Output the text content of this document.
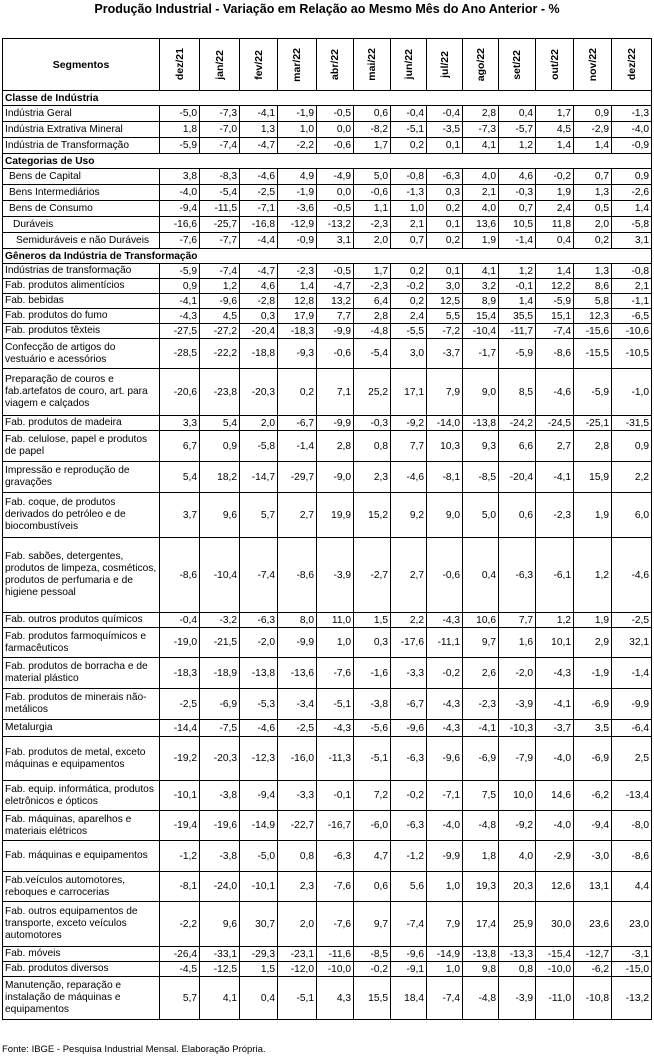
Produção Industrial - Variação em Relação ao Mesmo Mês do Ano Anterior - %
Segmentos	dez/21	jan/22	fev/22	mar/22	abr/22	mai/22	jun/22	jul/22	ago/22	set/22	out/22	nov/22	dez/22

Classe de Indústria													
Indústria Geral	-5,0	-7,3	-4,1	-1,9	-0,5	0,6	-0,4	-0,4	2,8	0,4	1,7	0,9	-1,3
Indústria Extrativa Mineral	1,8	-7,0	1,3	1,0	0,0	-8,2	-5,1	-3,5	-7,3	-5,7	4,5	-2,9	-4,0
Indústria de Transformação	-5,9	-7,4	-4,7	-2,2	-0,6	1,7	0,2	0,1	4,1	1,2	1,4	1,4	-0,9
Categorias de Uso													
Bens de Capital	3,8	-8,3	-4,6	4,9	-4,9	5,0	-0,8	-6,3	4,0	4,6	-0,2	0,7	0,9
Bens Intermediários	-4,0	-5,4	-2,5	-1,9	0,0	-0,6	-1,3	0,3	2,1	-0,3	1,9	1,3	-2,6
Bens de Consumo	-9,4	-11,5	-7,1	-3,6	-0,5	1,1	1,0	0,2	4,0	0,7	2,4	0,5	1,4
Duráveis	-16,6	-25,7	-16,8	-12,9	-13,2	-2,3	2,1	0,1	13,6	10,5	11,8	2,0	-5,8
Semiduráveis e não Duráveis	-7,6	-7,7	-4,4	-0,9	3,1	2,0	0,7	0,2	1,9	-1,4	0,4	0,2	3,1
Gêneros da Indústria de Transformação													
Indústrias de transformação	-5,9	-7,4	-4,7	-2,3	-0,5	1,7	0,2	0,1	4,1	1,2	1,4	1,3	-0,8
Fab. produtos alimentícios	0,9	1,2	4,6	1,4	-4,7	-2,3	-0,2	3,0	3,2	-0,1	12,2	8,6	2,1
Fab. bebidas	-4,1	-9,6	-2,8	12,8	13,2	6,4	0,2	12,5	8,9	1,4	-5,9	5,8	-1,1
Fab. produtos do fumo	-4,3	4,5	0,3	17,9	7,7	2,8	2,4	5,5	15,4	35,5	15,1	12,3	-6,5
Fab. produtos têxteis	-27,5	-27,2	-20,4	-18,3	-9,9	-4,8	-5,5	-7,2	-10,4	-11,7	-7,4	-15,6	-10,6
Confecção de artigos do vestuário e acessórios	-28,5	-22,2	-18,8	-9,3	-0,6	-5,4	3,0	-3,7	-1,7	-5,9	-8,6	-15,5	-10,5
Preparação de couros e fab.artefatos de couro, art. para viagem e calçados	-20,6	-23,8	-20,3	0,2	7,1	25,2	17,1	7,9	9,0	8,5	-4,6	-5,9	-1,0
Fab. produtos de madeira	3,3	5,4	2,0	-6,7	-9,9	-0,3	-9,2	-14,0	-13,8	-24,2	-24,5	-25,1	-31,5
Fab. celulose, papel e produtos de papel	6,7	0,9	-5,8	-1,4	2,8	0,8	7,7	10,3	9,3	6,6	2,7	2,8	0,9
Impressão e reprodução de gravações	5,4	18,2	-14,7	-29,7	-9,0	2,3	-4,6	-8,1	-8,5	-20,4	-4,1	15,9	2,2
Fab. coque, de produtos derivados do petróleo e de biocombustíveis	3,7	9,6	5,7	2,7	19,9	15,2	9,2	9,0	5,0	0,6	-2,3	1,9	6,0
Fab. sabões, detergentes, produtos de limpeza, cosméticos, produtos de perfumaria e de higiene pessoal	-8,6	-10,4	-7,4	-8,6	-3,9	-2,7	2,7	-0,6	0,4	-6,3	-6,1	1,2	-4,6
Fab. outros produtos químicos	-0,4	-3,2	-6,3	8,0	11,0	1,5	2,2	-4,3	10,6	7,7	1,2	1,9	-2,5
Fab. produtos farmoquímicos e farmacêuticos	-19,0	-21,5	-2,0	-9,9	1,0	0,3	-17,6	-11,1	9,7	1,6	10,1	2,9	32,1
Fab. produtos de borracha e de material plástico	-18,3	-18,9	-13,8	-13,6	-7,6	-1,6	-3,3	-0,2	2,6	-2,0	-4,3	-1,9	-1,4
Fab. produtos de minerais não-metálicos	-2,5	-6,9	-5,3	-3,4	-5,1	-3,8	-6,7	-4,3	-2,3	-3,9	-4,1	-6,9	-9,9
Metalurgia	-14,4	-7,5	-4,6	-2,5	-4,3	-5,6	-9,6	-4,3	-4,1	-10,3	-3,7	3,5	-6,4
Fab. produtos de metal, exceto máquinas e equipamentos	-19,2	-20,3	-12,3	-16,0	-11,3	-5,1	-6,3	-9,6	-6,9	-7,9	-4,0	-6,9	2,5
Fab. equip. informática, produtos eletrônicos e ópticos	-10,1	-3,8	-9,4	-3,3	-0,1	7,2	-0,2	-7,1	7,5	10,0	14,6	-6,2	-13,4
Fab. máquinas, aparelhos e materiais elétricos	-19,4	-19,6	-14,9	-22,7	-16,7	-6,0	-6,3	-4,0	-4,8	-9,2	-4,0	-9,4	-8,0
Fab. máquinas e equipamentos	-1,2	-3,8	-5,0	0,8	-6,3	4,7	-1,2	-9,9	1,8	4,0	-2,9	-3,0	-8,6
Fab.veículos automotores, reboques e carrocerias	-8,1	-24,0	-10,1	2,3	-7,6	0,6	5,6	1,0	19,3	20,3	12,6	13,1	4,4
Fab. outros equipamentos de transporte, exceto veículos automotores	-2,2	9,6	30,7	2,0	-7,6	9,7	-7,4	7,9	17,4	25,9	30,0	23,6	23,0
Fab. móveis	-26,4	-33,1	-29,3	-23,1	-11,6	-8,5	-9,6	-14,9	-13,8	-13,3	-15,4	-12,7	-3,1
Fab. produtos diversos	-4,5	-12,5	1,5	-12,0	-10,0	-0,2	-9,1	1,0	9,8	0,8	-10,0	-6,2	-15,0
Manutenção, reparação e instalação de máquinas e equipamentos	5,7	4,1	0,4	-5,1	4,3	15,5	18,4	-7,4	-4,8	-3,9	-11,0	-10,8	-13,2
Fonte: IBGE - Pesquisa Industrial Mensal. Elaboração Própria.
